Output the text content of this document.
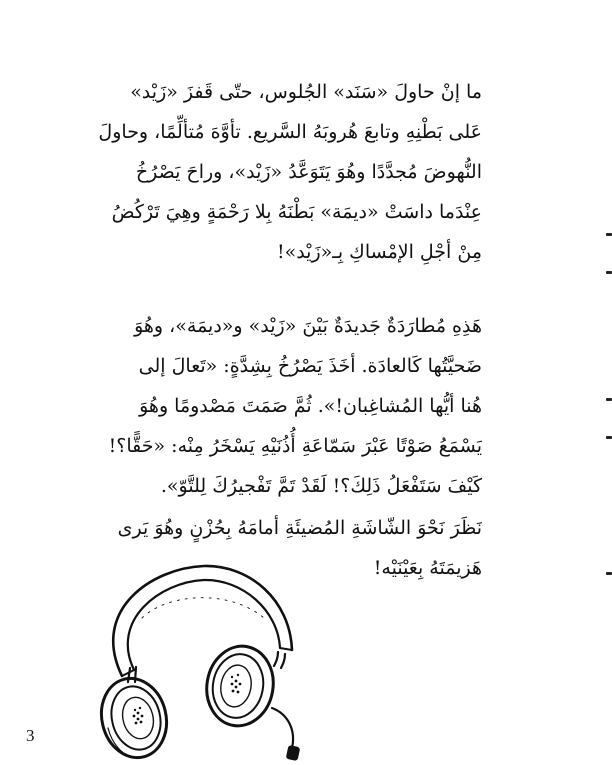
ما إنْ حاولَ «سَنَد» الجُلوس، حتّى قَفزَ «زَيْد»
عَلى بَطْنِهِ وتابعَ هُروبَهُ السَّريع. تأوَّهَ مُتألِّمًا، وحاولَ
النُّهوضَ مُجدَّدًا وهُوَ يَتَوَعَّدُ «زَيْد»، وراحَ يَصْرُخُ
عِنْدَما داسَتْ «ديمَة» بَطْنَهُ بِلا رَحْمَةٍ وهِيَ تَرْكُضُ
مِنْ أجْلِ الإمْساكِ بِـ«زَيْد»!
هَذِهِ مُطارَدَةٌ جَديدَةٌ بَيْنَ «زَيْد» و«ديمَة»، وهُوَ
ضَحيَّتُها كَالعادَة. أخَذَ يَصْرُخُ بِشِدَّةٍ: «تَعالَ إلى
هُنا أيُّها المُشاغِبان!». ثُمَّ صَمَتَ مَصْدومًا وهُوَ
يَسْمَعُ صَوْتًا عَبْرَ سَمّاعَةِ أُذُنَيْهِ يَسْخَرُ مِنْه: «حَقًّا؟!
كَيْفَ سَتَفْعَلُ ذَلِكَ؟! لَقَدْ تَمَّ تَفْجيرُكَ لِلتَّوّ».
نَظَرَ نَحْوَ الشّاشَةِ المُضيئَةِ أمامَهُ بِحُزْنٍ وهُوَ يَرى
هَزيمَتَهُ بِعَيْنَيْه!
3
